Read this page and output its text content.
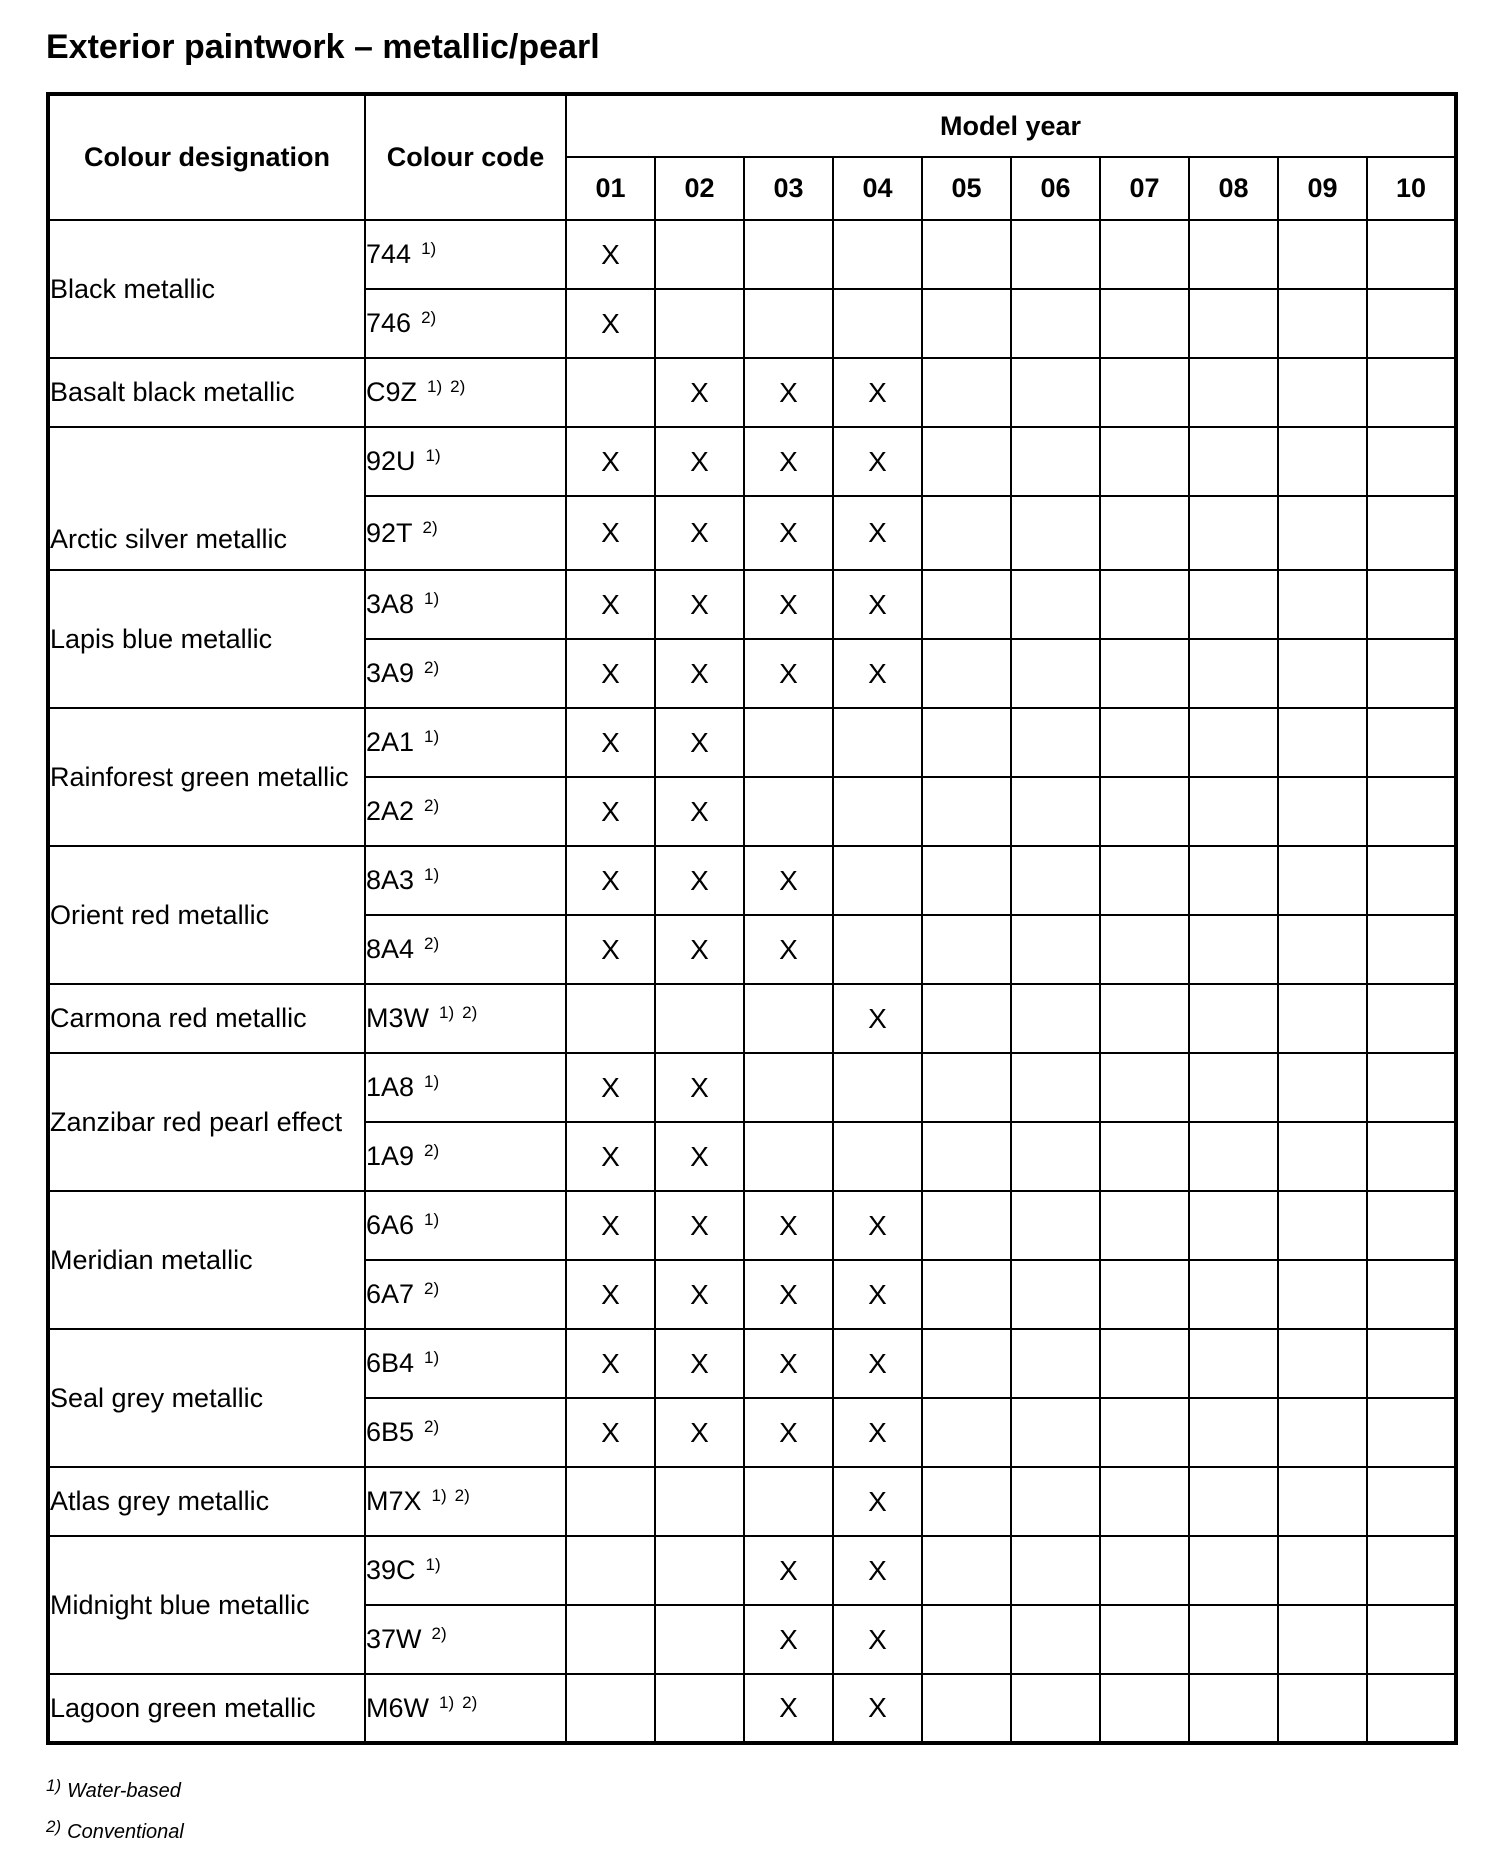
Exterior paintwork – metallic/pearl
Colour designation	Colour code	Model year									
		01	02	03	04	05	06	07	08	09	10
Black metallic	744 $^{1)}$	X									
	746 $^{2)}$	X									
Basalt black metallic	C9Z $^{1)}$ $^{2)}$		X	X	X						
Arctic silver metallic	92U $^{1)}$	X	X	X	X						
	92T $^{2)}$	X	X	X	X						
Lapis blue metallic	3A8 $^{1)}$	X	X	X	X						
	3A9 $^{2)}$	X	X	X	X						
Rainforest green metallic	2A1 $^{1)}$	X	X								
	2A2 $^{2)}$	X	X								
Orient red metallic	8A3 $^{1)}$	X	X	X							
	8A4 $^{2)}$	X	X	X							
Carmona red metallic	M3W $^{1)}$ $^{2)}$				X						
Zanzibar red pearl effect	1A8 $^{1)}$	X	X								
	1A9 $^{2)}$	X	X								
Meridian metallic	6A6 $^{1)}$	X	X	X	X						
	6A7 $^{2)}$	X	X	X	X						
Seal grey metallic	6B4 $^{1)}$	X	X	X	X						
	6B5 $^{2)}$	X	X	X	X						
Atlas grey metallic	M7X $^{1)}$ $^{2)}$				X						
Midnight blue metallic	39C $^{1)}$			X	X						
	37W $^{2)}$			X	X						
Lagoon green metallic	M6W $^{1)}$ $^{2)}$			X	X						
$^{1)}$ Water-based
$^{2)}$ Conventional
